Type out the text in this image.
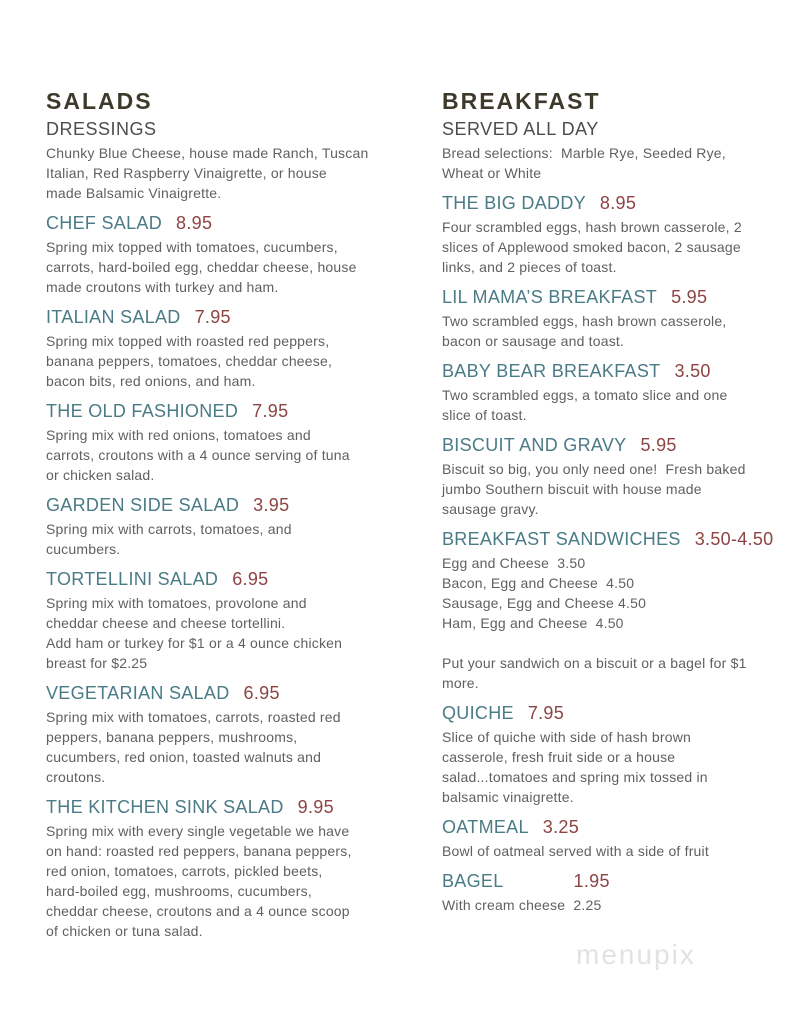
SALADS
DRESSINGS
Chunky Blue Cheese, house made Ranch, Tuscan
Italian, Red Raspberry Vinaigrette, or house
made Balsamic Vinaigrette.
CHEF SALAD 8.95
Spring mix topped with tomatoes, cucumbers,
carrots, hard-boiled egg, cheddar cheese, house
made croutons with turkey and ham.
ITALIAN SALAD 7.95
Spring mix topped with roasted red peppers,
banana peppers, tomatoes, cheddar cheese,
bacon bits, red onions, and ham.
THE OLD FASHIONED 7.95
Spring mix with red onions, tomatoes and
carrots, croutons with a 4 ounce serving of tuna
or chicken salad.
GARDEN SIDE SALAD 3.95
Spring mix with carrots, tomatoes, and
cucumbers.
TORTELLINI SALAD 6.95
Spring mix with tomatoes, provolone and
cheddar cheese and cheese tortellini.
Add ham or turkey for $1 or a 4 ounce chicken
breast for $2.25
VEGETARIAN SALAD 6.95
Spring mix with tomatoes, carrots, roasted red
peppers, banana peppers, mushrooms,
cucumbers, red onion, toasted walnuts and
croutons.
THE KITCHEN SINK SALAD 9.95
Spring mix with every single vegetable we have
on hand: roasted red peppers, banana peppers,
red onion, tomatoes, carrots, pickled beets,
hard-boiled egg, mushrooms, cucumbers,
cheddar cheese, croutons and a 4 ounce scoop
of chicken or tuna salad.
BREAKFAST
SERVED ALL DAY
Bread selections:  Marble Rye, Seeded Rye,
Wheat or White
THE BIG DADDY 8.95
Four scrambled eggs, hash brown casserole, 2
slices of Applewood smoked bacon, 2 sausage
links, and 2 pieces of toast.
LIL MAMA’S BREAKFAST 5.95
Two scrambled eggs, hash brown casserole,
bacon or sausage and toast.
BABY BEAR BREAKFAST 3.50
Two scrambled eggs, a tomato slice and one
slice of toast.
BISCUIT AND GRAVY 5.95
Biscuit so big, you only need one!  Fresh baked
jumbo Southern biscuit with house made
sausage gravy.
BREAKFAST SANDWICHES 3.50-4.50
Egg and Cheese  3.50
Bacon, Egg and Cheese  4.50
Sausage, Egg and Cheese 4.50
Ham, Egg and Cheese  4.50
Put your sandwich on a biscuit or a bagel for $1
more.
QUICHE 7.95
Slice of quiche with side of hash brown
casserole, fresh fruit side or a house
salad...tomatoes and spring mix tossed in
balsamic vinaigrette.
OATMEAL 3.25
Bowl of oatmeal served with a side of fruit
BAGEL	1.95
With cream cheese  2.25
menupix
